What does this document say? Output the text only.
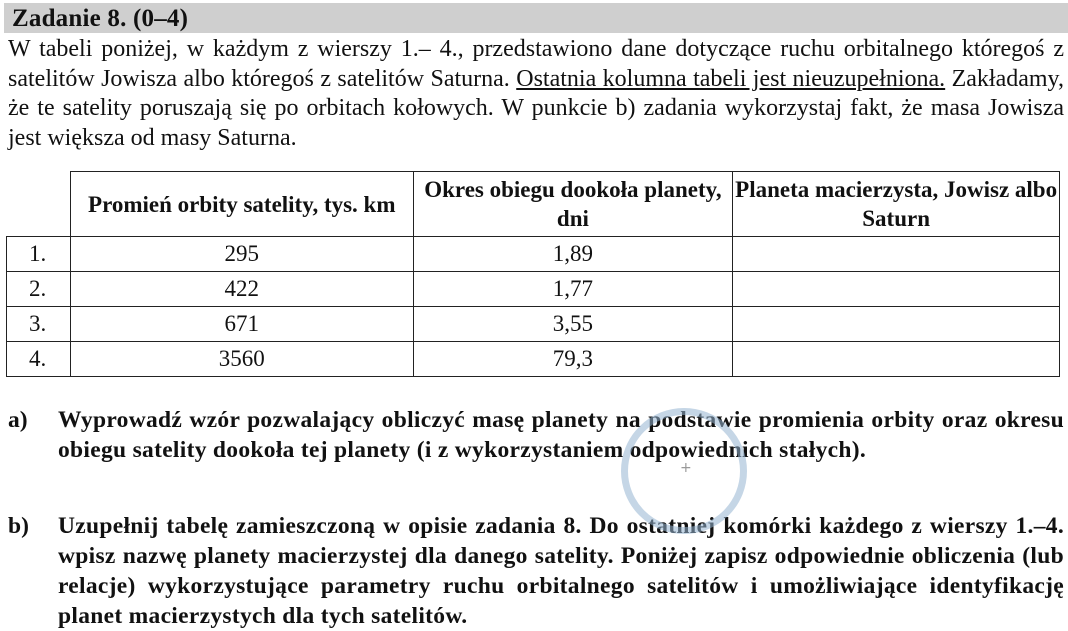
Zadanie 8. (0–4)
W tabeli poniżej, w każdym z wierszy 1.– 4., przedstawiono dane dotyczące ruchu orbitalnego któregoś z satelitów Jowisza albo któregoś z satelitów Saturna. Ostatnia kolumna tabeli jest nieuzupełniona. Zakładamy, że te satelity poruszają się po orbitach kołowych. W punkcie b) zadania wykorzystaj fakt, że masa Jowisza jest większa od masy Saturna.
	Promień orbity satelity, tys. km	Okres obiegu dookoła planety, dni	Planeta macierzysta, Jowisz albo Saturn
1.	295	1,89	
2.	422	1,77	
3.	671	3,55	
4.	3560	79,3	
a) Wyprowadź wzór pozwalający obliczyć masę planety na podstawie promienia orbity oraz okresu obiegu satelity dookoła tej planety (i z wykorzystaniem odpowiednich stałych).
b) Uzupełnij tabelę zamieszczoną w opisie zadania 8. Do ostatniej komórki każdego z wierszy 1.–4. wpisz nazwę planety macierzystej dla danego satelity. Poniżej zapisz odpowiednie obliczenia (lub relacje) wykorzystujące parametry ruchu orbitalnego satelitów i umożliwiające identyfikację planet macierzystych dla tych satelitów.
+
